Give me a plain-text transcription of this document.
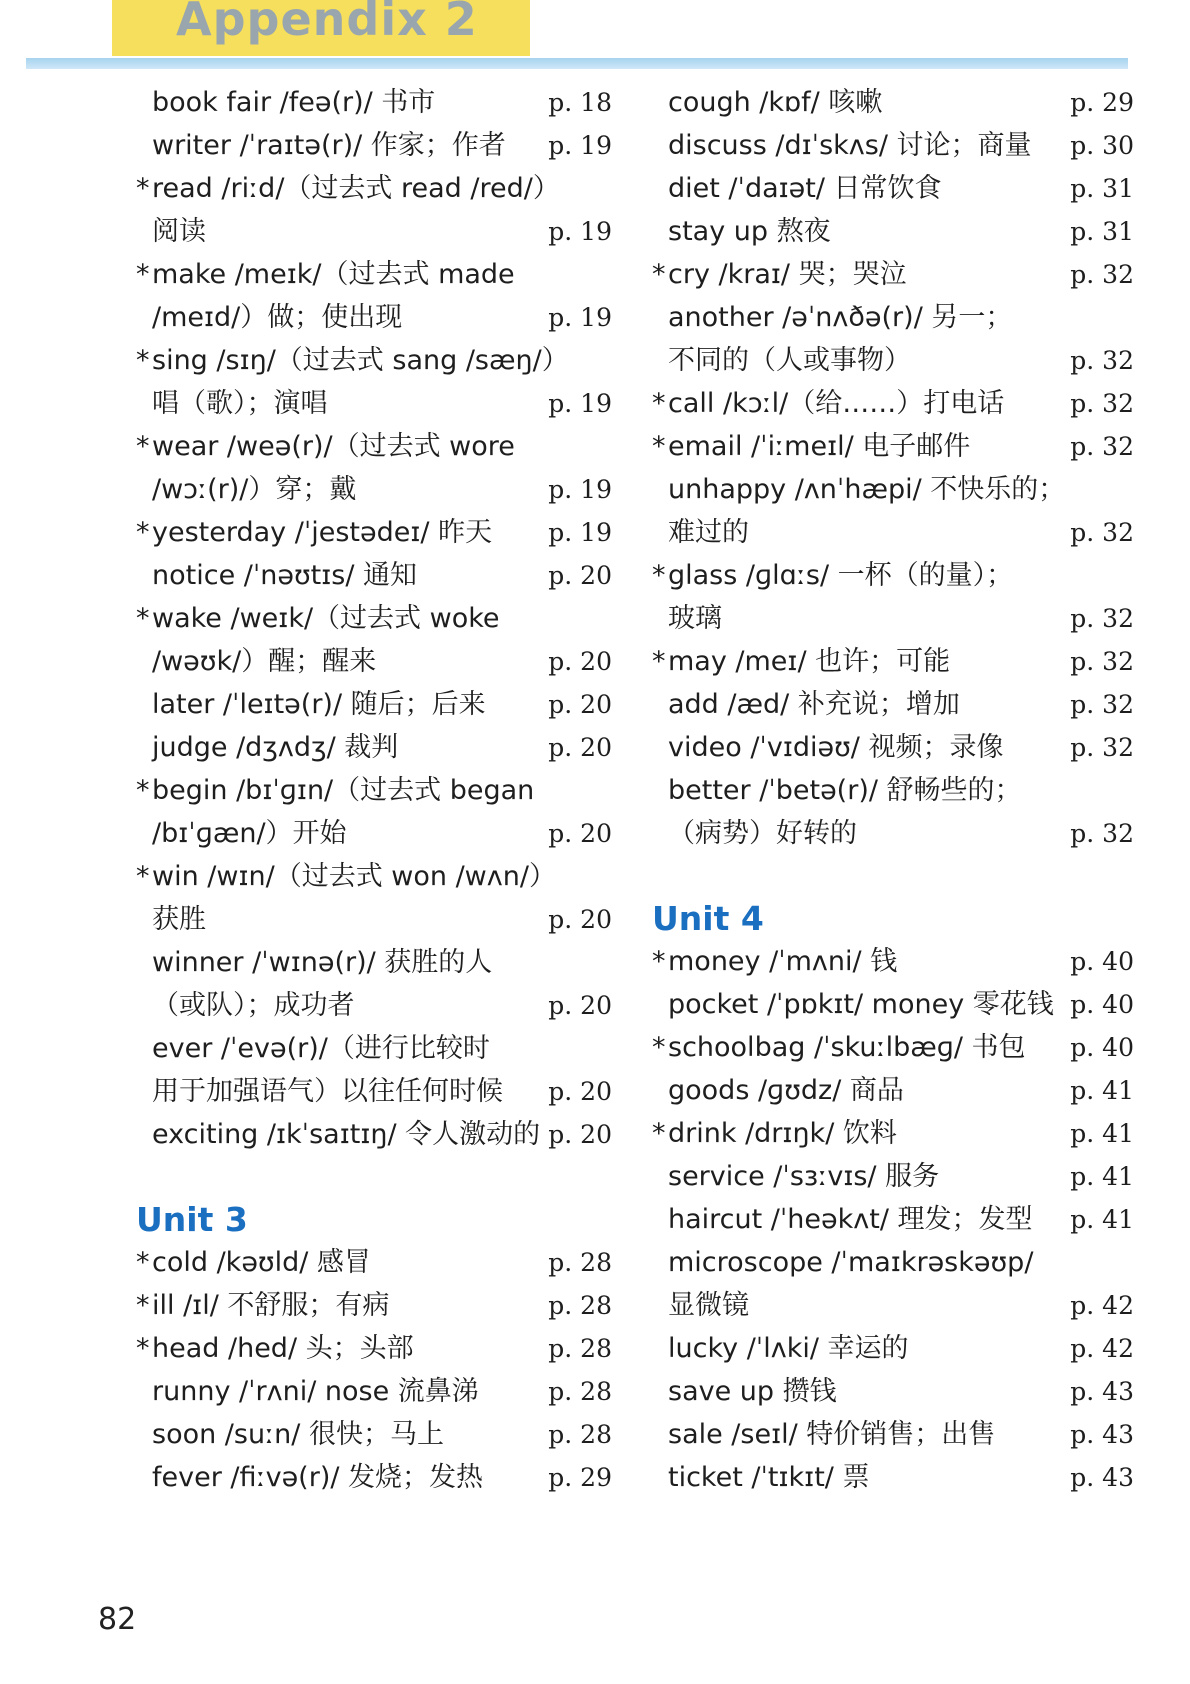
Appendix 2
book fair /feə(r)/ 书市	p. 18
writer /ˈraɪtə(r)/ 作家；作者 p. 19
* read /riːd/（过去式 read /red/）
阅读	p. 19
* make /meɪk/（过去式 made
/meɪd/）做；使出现	p. 19
* sing /sɪŋ/（过去式 sang /sæŋ/）
唱（歌）；演唱	p. 19
* wear /weə(r)/（过去式 wore
/wɔː(r)/）穿；戴	p. 19
* yesterday /ˈjestədeɪ/ 昨天 p. 19
notice /ˈnəʊtɪs/ 通知	p. 20
* wake /weɪk/（过去式 woke
/wəʊk/）醒；醒来	p. 20
later /ˈleɪtə(r)/ 随后；后来	p. 20
judge /dʒʌdʒ/ 裁判	p. 20
* begin /bɪˈɡɪn/（过去式 began
/bɪˈɡæn/）开始	p. 20
* win /wɪn/（过去式 won /wʌn/）
获胜	p. 20
winner /ˈwɪnə(r)/ 获胜的人
（或队）；成功者	p. 20
ever /ˈevə(r)/（进行比较时
用于加强语气）以往任何时候 p. 20
exciting /ɪkˈsaɪtɪŋ/ 令人激动的 p. 20
Unit 3
* cold /kəʊld/ 感冒	p. 28
* ill /ɪl/ 不舒服；有病	p. 28
* head /hed/ 头；头部	p. 28
runny /ˈrʌni/ nose 流鼻涕	p. 28
soon /suːn/ 很快；马上	p. 28
fever /fiːvə(r)/ 发烧；发热	p. 29
cough /kɒf/ 咳嗽	p. 29
discuss /dɪˈskʌs/ 讨论；商量 p. 30
diet /ˈdaɪət/ 日常饮食	p. 31
stay up 熬夜	p. 31
* cry /kraɪ/ 哭；哭泣	p. 32
another /əˈnʌðə(r)/ 另一；
不同的（人或事物）	p. 32
* call /kɔːl/（给……）打电话	p. 32
* email /ˈiːmeɪl/ 电子邮件	p. 32
unhappy /ʌnˈhæpi/ 不快乐的；
难过的	p. 32
* glass /ɡlɑːs/ 一杯（的量）；
玻璃	p. 32
* may /meɪ/ 也许；可能	p. 32
add /æd/ 补充说；增加	p. 32
video /ˈvɪdiəʊ/ 视频；录像	p. 32
better /ˈbetə(r)/ 舒畅些的；
（病势）好转的	p. 32
Unit 4
* money /ˈmʌni/ 钱	p. 40
pocket /ˈpɒkɪt/ money 零花钱 p. 40
* schoolbag /ˈskuːlbæɡ/ 书包 p. 40
goods /ɡʊdz/ 商品	p. 41
* drink /drɪŋk/ 饮料	p. 41
service /ˈsɜːvɪs/ 服务	p. 41
haircut /ˈheəkʌt/ 理发；发型 p. 41
microscope /ˈmaɪkrəskəʊp/
显微镜	p. 42
lucky /ˈlʌki/ 幸运的	p. 42
save up 攒钱	p. 43
sale /seɪl/ 特价销售；出售	p. 43
ticket /ˈtɪkɪt/ 票	p. 43
82
